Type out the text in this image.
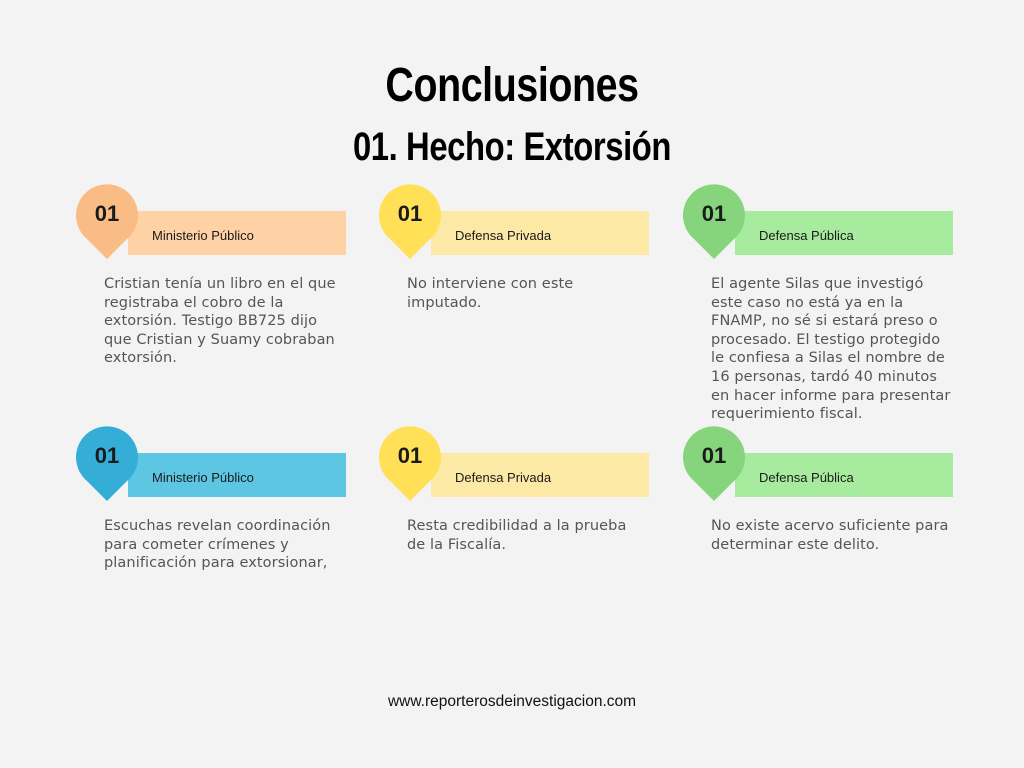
Conclusiones
01. Hecho: Extorsión
Ministerio Público
01
Cristian tenía un libro en el que registraba el cobro de la extorsión. Testigo BB725 dijo que Cristian y Suamy cobraban extorsión.
Defensa Privada
01
No interviene con este imputado.
Defensa Pública
01
El agente Silas que investigó este caso no está ya en la FNAMP, no sé si estará preso o procesado. El testigo protegido le confiesa a Silas el nombre de 16 personas, tardó 40 minutos en hacer informe para presentar requerimiento fiscal.
Ministerio Público
01
Escuchas revelan coordinación para cometer crímenes y planificación para extorsionar,
Defensa Privada
01
Resta credibilidad a la prueba de la Fiscalía.
Defensa Pública
01
No existe acervo suficiente para determinar este delito.
www.reporterosdeinvestigacion.com
